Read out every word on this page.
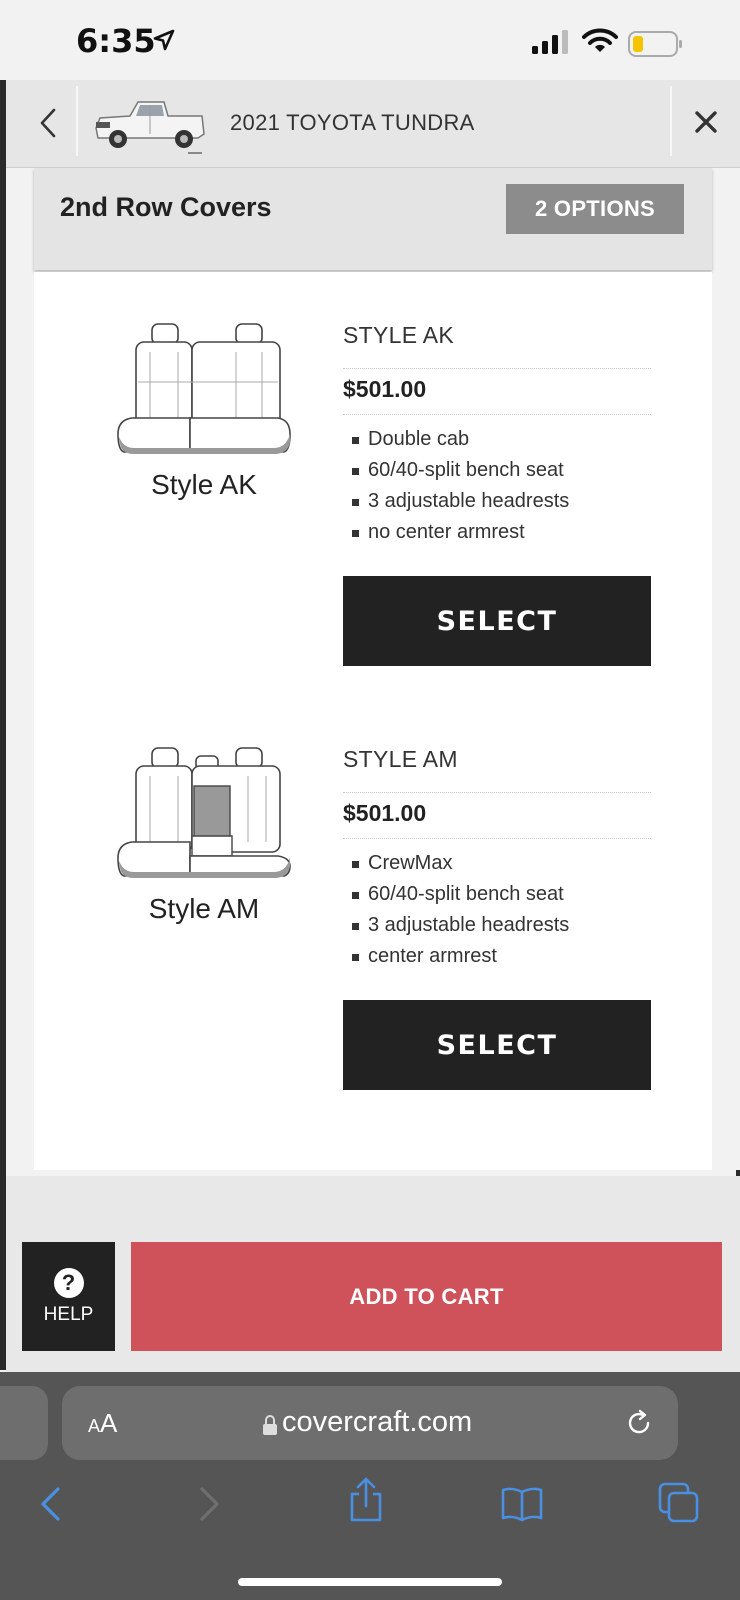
6:35
2021 TOYOTA TUNDRA
2nd Row Covers	2 OPTIONS
Style AK
STYLE AK
$501.00
Double cab
60/40-split bench seat
3 adjustable headrests
no center armrest
SELECT
Style AM
STYLE AM
$501.00
CrewMax
60/40-split bench seat
3 adjustable headrests
center armrest
SELECT
?
HELP
ADD TO CART
AA	covercraft.com
